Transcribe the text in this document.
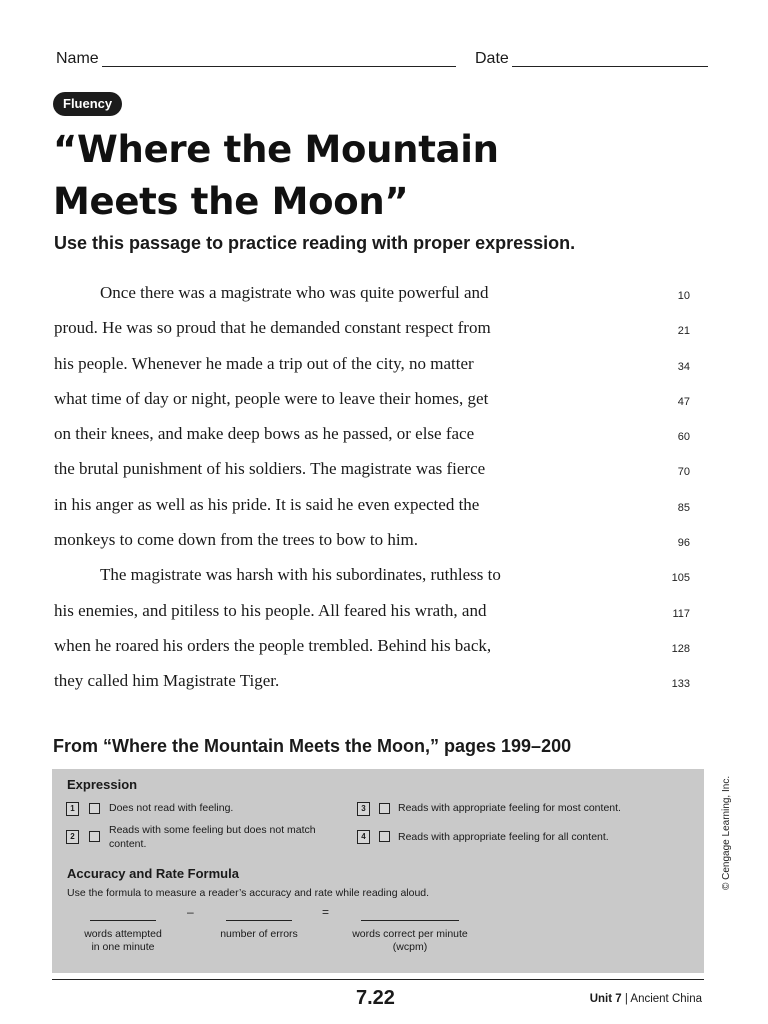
Name	Date
Fluency
“Where the Mountain
Meets the Moon”
Use this passage to practice reading with proper expression.
Once there was a magistrate who was quite powerful and	10
proud. He was so proud that he demanded constant respect from	21
his people. Whenever he made a trip out of the city, no matter	34
what time of day or night, people were to leave their homes, get	47
on their knees, and make deep bows as he passed, or else face	60
the brutal punishment of his soldiers. The magistrate was fierce	70
in his anger as well as his pride. It is said he even expected the	85
monkeys to come down from the trees to bow to him.	96
The magistrate was harsh with his subordinates, ruthless to	105
his enemies, and pitiless to his people. All feared his wrath, and	117
when he roared his orders the people trembled. Behind his back,	128
they called him Magistrate Tiger.	133
From “Where the Mountain Meets the Moon,” pages 199–200
Expression
1	Does not read with feeling.
2
Reads with some feeling but does not match
content.
3	Reads with appropriate feeling for most content.
4	Reads with appropriate feeling for all content.
Accuracy and Rate Formula
Use the formula to measure a reader’s accuracy and rate while reading aloud.
–	=
words attempted
in one minute
number of errors	words correct per minute
(wcpm)
7.22	Unit 7 | Ancient China
© Cengage Learning, Inc.
